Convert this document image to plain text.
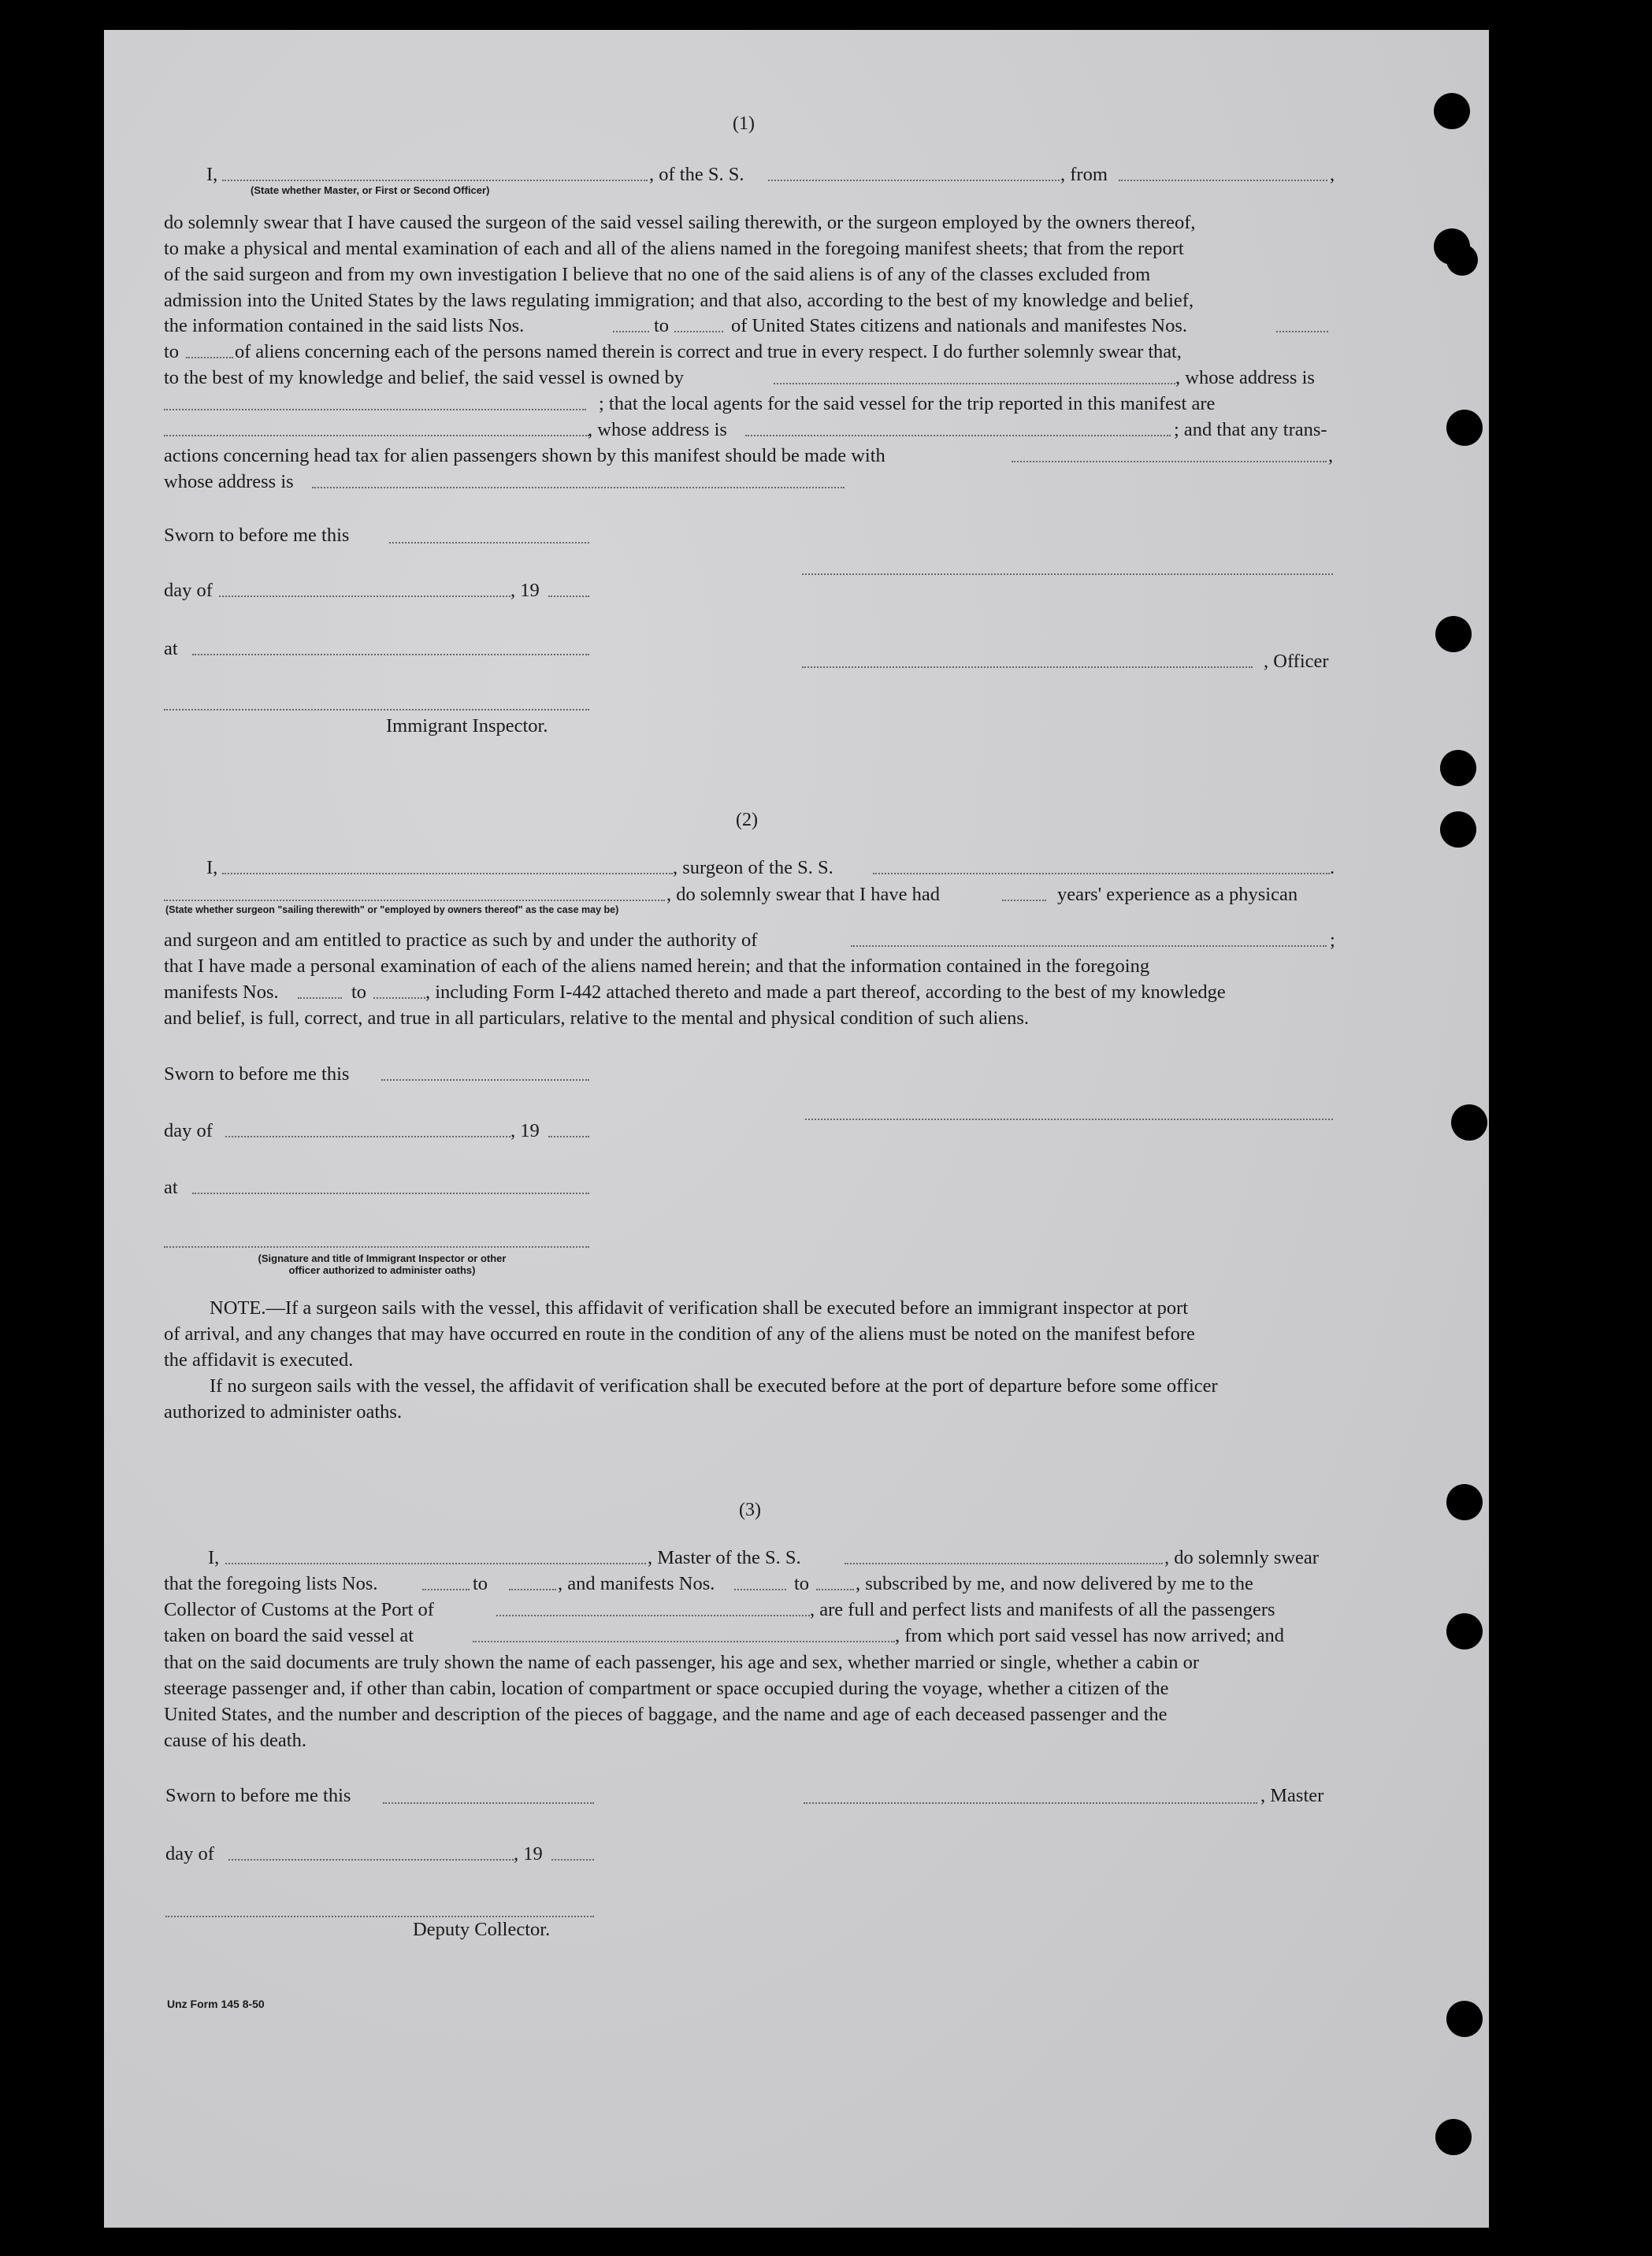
(1)
I,	, of the S. S.	, from	,
(State whether Master, or First or Second Officer)

do solemnly swear that I have caused the surgeon of the said vessel sailing therewith, or the surgeon employed by the owners thereof,

to make a physical and mental examination of each and all of the aliens named in the foregoing manifest sheets; that from the report

of the said surgeon and from my own investigation I believe that no one of the said aliens is of any of the classes excluded from

admission into the United States by the laws regulating immigration; and that also, according to the best of my knowledge and belief,

the information contained in the said lists Nos.	to	of United States citizens and nationals and manifestes Nos.
to	of aliens concerning each of the persons named therein is correct and true in every respect. I do further solemnly swear that,
to the best of my knowledge and belief, the said vessel is owned by	, whose address is
; that the local agents for the said vessel for the trip reported in this manifest are
, whose address is	; and that any trans-
actions concerning head tax for alien passengers shown by this manifest should be made with	,
whose address is
Sworn to before me this
day of	, 19
at
, Officer
Immigrant Inspector.
(2)
I,	, surgeon of the S. S.	.
, do solemnly swear that I have had	years' experience as a physican
(State whether surgeon "sailing therewith" or "employed by owners thereof" as the case may be)
and surgeon and am entitled to practice as such by and under the authority of	;
that I have made a personal examination of each of the aliens named herein; and that the information contained in the foregoing
manifests Nos.	to	, including Form I-442 attached thereto and made a part thereof, according to the best of my knowledge
and belief, is full, correct, and true in all particulars, relative to the mental and physical condition of such aliens.
Sworn to before me this
day of	, 19
at
(Signature and title of Immigrant Inspector or other
officer authorized to administer oaths)

NOTE.—If a surgeon sails with the vessel, this affidavit of verification shall be executed before an immigrant inspector at port

of arrival, and any changes that may have occurred en route in the condition of any of the aliens must be noted on the manifest before

the affidavit is executed.

If no surgeon sails with the vessel, the affidavit of verification shall be executed before at the port of departure before some officer

authorized to administer oaths.

(3)
I,	, Master of the S. S.	, do solemnly swear
that the foregoing lists Nos.	to	, and manifests Nos.	to , subscribed by me, and now delivered by me to the
Collector of Customs at the Port of	, are full and perfect lists and manifests of all the passengers
taken on board the said vessel at	, from which port said vessel has now arrived; and

that on the said documents are truly shown the name of each passenger, his age and sex, whether married or single, whether a cabin or

steerage passenger and, if other than cabin, location of compartment or space occupied during the voyage, whether a citizen of the

United States, and the number and description of the pieces of baggage, and the name and age of each deceased passenger and the

cause of his death.

Sworn to before me this	, Master
day of	, 19
Deputy Collector.
Unz Form 145 8-50
